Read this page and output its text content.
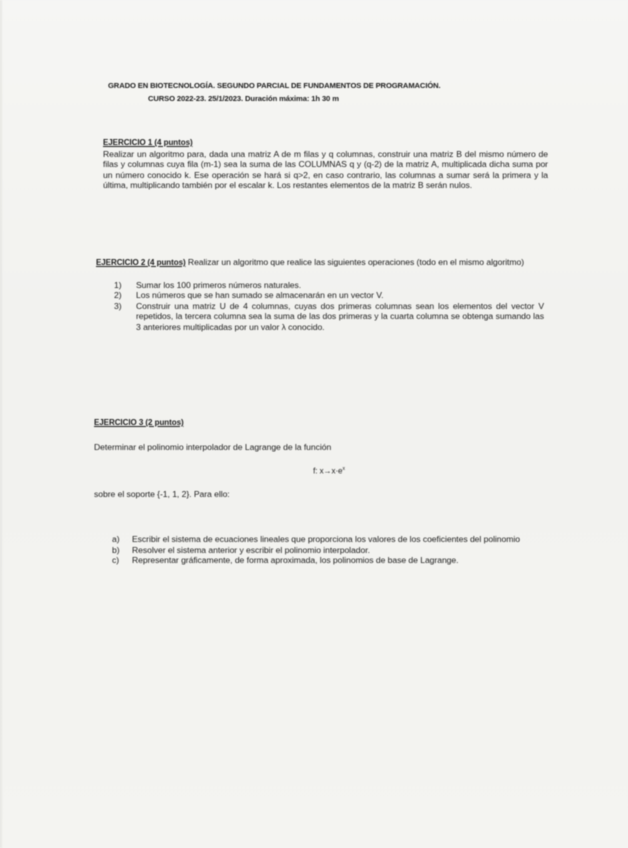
GRADO EN BIOTECNOLOGÍA. SEGUNDO PARCIAL DE FUNDAMENTOS DE PROGRAMACIÓN.
CURSO 2022-23. 25/1/2023. Duración máxima: 1h 30 m
EJERCICIO 1 (4 puntos)
Realizar un algoritmo para, dada una matriz A de m filas y q columnas, construir una matriz B del mismo número de filas y columnas cuya fila (m-1) sea la suma de las COLUMNAS q y (q-2) de la matriz A, multiplicada dicha suma por un número conocido k. Ese operación se hará si q>2, en caso contrario, las columnas a sumar será la primera y la última, multiplicando también por el escalar k. Los restantes elementos de la matriz B serán nulos.
EJERCICIO 2 (4 puntos) Realizar un algoritmo que realice las siguientes operaciones (todo en el mismo algoritmo)
1)	Sumar los 100 primeros números naturales.
2)	Los números que se han sumado se almacenarán en un vector V.
3)	Construir una matriz U de 4 columnas, cuyas dos primeras columnas sean los elementos del vector V repetidos, la tercera columna sea la suma de las dos primeras y la cuarta columna se obtenga sumando las 3 anteriores multiplicadas por un valor λ conocido.
EJERCICIO 3 (2 puntos)
Determinar el polinomio interpolador de Lagrange de la función
f: $x\to x\cdot e^x$
sobre el soporte {-1, 1, 2}. Para ello:
a)	Escribir el sistema de ecuaciones lineales que proporciona los valores de los coeficientes del polinomio
b)	Resolver el sistema anterior y escribir el polinomio interpolador.
c)	Representar gráficamente, de forma aproximada, los polinomios de base de Lagrange.
